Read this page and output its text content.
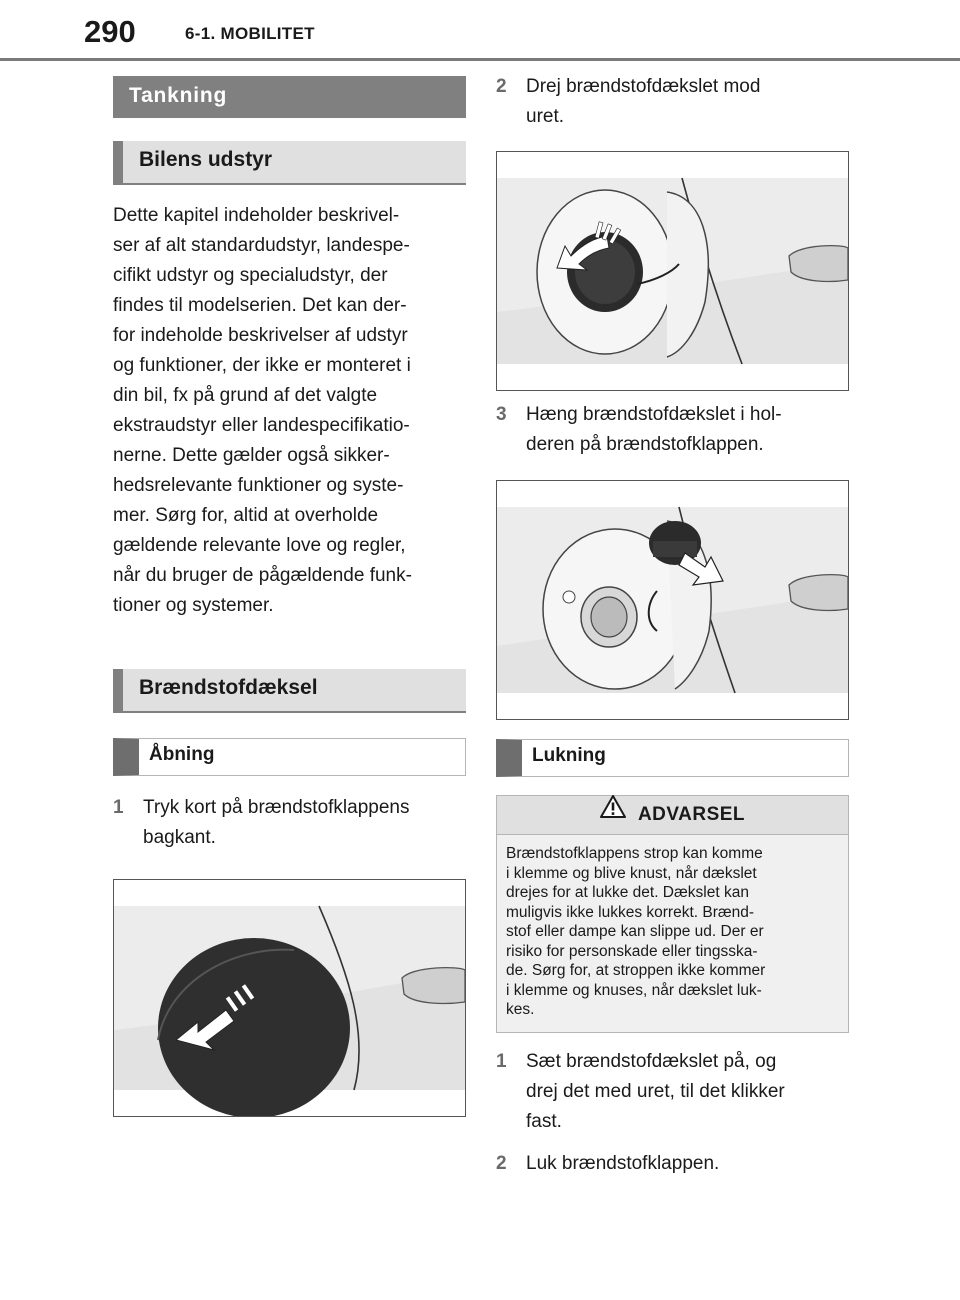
290	6-1. MOBILITET
Tankning
Bilens udstyr
Dette kapitel indeholder beskrivel-
ser af alt standardudstyr, landespe-
cifikt udstyr og specialudstyr, der
findes til modelserien. Det kan der-
for indeholde beskrivelser af udstyr
og funktioner, der ikke er monteret i
din bil, fx på grund af det valgte
ekstraudstyr eller landespecifikatio-
nerne. Dette gælder også sikker-
hedsrelevante funktioner og syste-
mer. Sørg for, altid at overholde
gældende relevante love og regler,
når du bruger de pågældende funk-
tioner og systemer.
Brændstofdæksel
Åbning
1	Tryk kort på brændstofklappens
bagkant.
2	Drej brændstofdækslet mod
uret.
3	Hæng brændstofdækslet i hol-
deren på brændstofklappen.
Lukning
ADVARSEL
Brændstofklappens strop kan komme
i klemme og blive knust, når dækslet
drejes for at lukke det. Dækslet kan
muligvis ikke lukkes korrekt. Brænd-
stof eller dampe kan slippe ud. Der er
risiko for personskade eller tingsska-
de. Sørg for, at stroppen ikke kommer
i klemme og knuses, når dækslet luk-
kes.
1	Sæt brændstofdækslet på, og
drej det med uret, til det klikker
fast.
2	Luk brændstofklappen.
